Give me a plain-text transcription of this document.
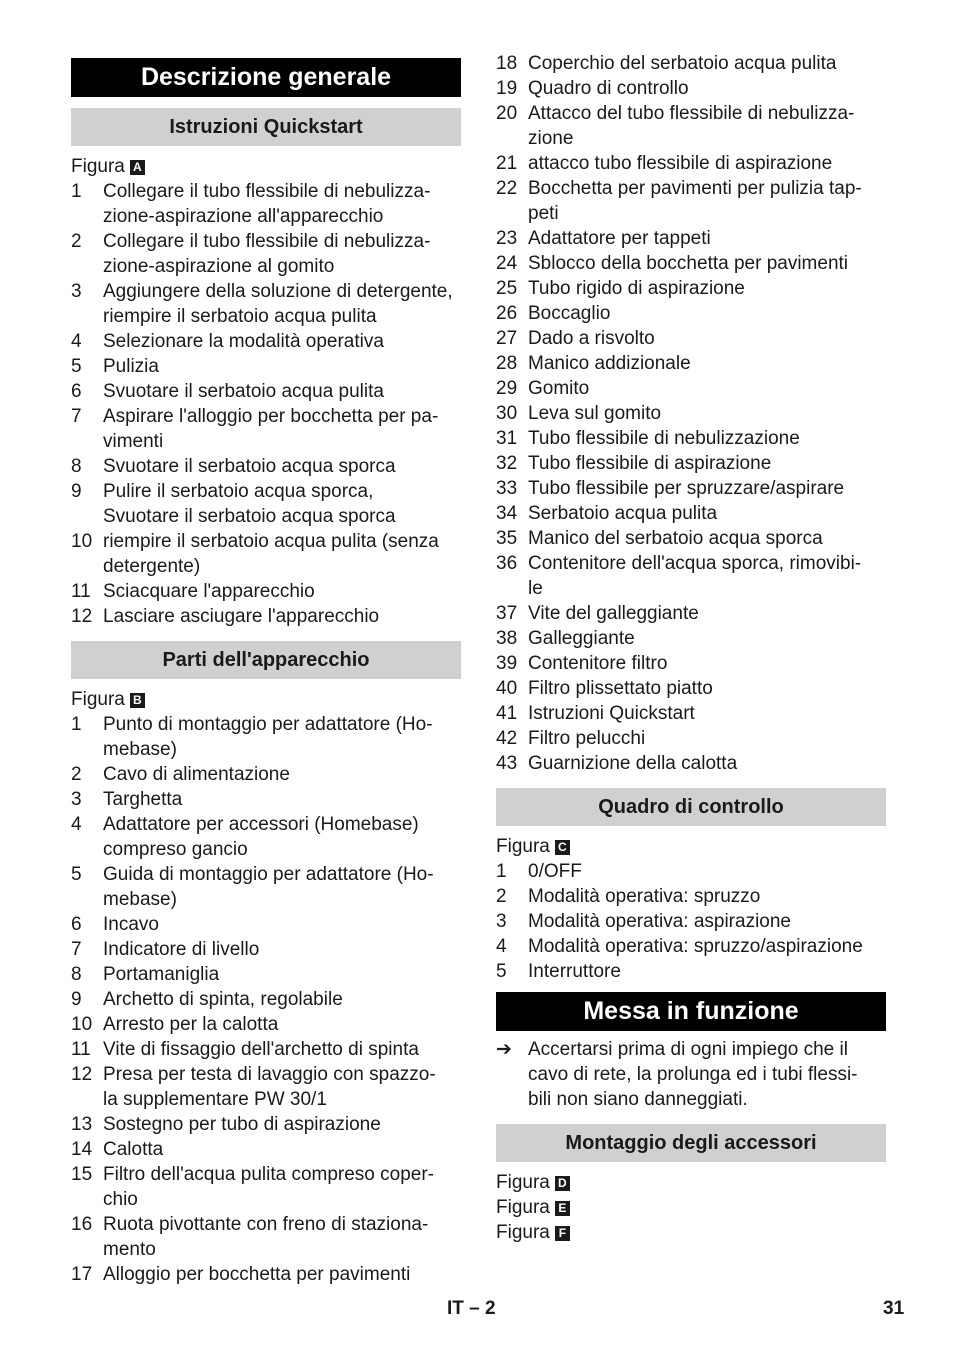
Descrizione generale
Istruzioni Quickstart
Figura A
1	Collegare il tubo flessibile di nebulizza-
zione-aspirazione all'apparecchio
2	Collegare il tubo flessibile di nebulizza-
zione-aspirazione al gomito
3	Aggiungere della soluzione di detergente,
riempire il serbatoio acqua pulita
4	Selezionare la modalità operativa
5	Pulizia
6	Svuotare il serbatoio acqua pulita
7	Aspirare l'alloggio per bocchetta per pa-
vimenti
8	Svuotare il serbatoio acqua sporca
9	Pulire il serbatoio acqua sporca,
Svuotare il serbatoio acqua sporca
10 riempire il serbatoio acqua pulita (senza
detergente)
11 Sciacquare l'apparecchio
12 Lasciare asciugare l'apparecchio
Parti dell'apparecchio
Figura B
1	Punto di montaggio per adattatore (Ho-
mebase)
2	Cavo di alimentazione
3	Targhetta
4	Adattatore per accessori (Homebase)
compreso gancio
5	Guida di montaggio per adattatore (Ho-
mebase)
6	Incavo
7	Indicatore di livello
8	Portamaniglia
9	Archetto di spinta, regolabile
10 Arresto per la calotta
11 Vite di fissaggio dell'archetto di spinta
12 Presa per testa di lavaggio con spazzo-
la supplementare PW 30/1
13 Sostegno per tubo di aspirazione
14 Calotta
15 Filtro dell'acqua pulita compreso coper-
chio
16 Ruota pivottante con freno di staziona-
mento
17 Alloggio per bocchetta per pavimenti
18 Coperchio del serbatoio acqua pulita
19 Quadro di controllo
20 Attacco del tubo flessibile di nebulizza-
zione
21 attacco tubo flessibile di aspirazione
22 Bocchetta per pavimenti per pulizia tap-
peti
23 Adattatore per tappeti
24 Sblocco della bocchetta per pavimenti
25 Tubo rigido di aspirazione
26 Boccaglio
27 Dado a risvolto
28 Manico addizionale
29 Gomito
30 Leva sul gomito
31 Tubo flessibile di nebulizzazione
32 Tubo flessibile di aspirazione
33 Tubo flessibile per spruzzare/aspirare
34 Serbatoio acqua pulita
35 Manico del serbatoio acqua sporca
36 Contenitore dell'acqua sporca, rimovibi-
le
37 Vite del galleggiante
38 Galleggiante
39 Contenitore filtro
40 Filtro plissettato piatto
41 Istruzioni Quickstart
42 Filtro pelucchi
43 Guarnizione della calotta
Quadro di controllo
Figura C
1	0/OFF
2	Modalità operativa: spruzzo
3	Modalità operativa: aspirazione
4	Modalità operativa: spruzzo/aspirazione
5	Interruttore
Messa in funzione
➔ Accertarsi prima di ogni impiego che il
cavo di rete, la prolunga ed i tubi flessi-
bili non siano danneggiati.
Montaggio degli accessori
Figura D
Figura E
Figura F
IT – 2	31
